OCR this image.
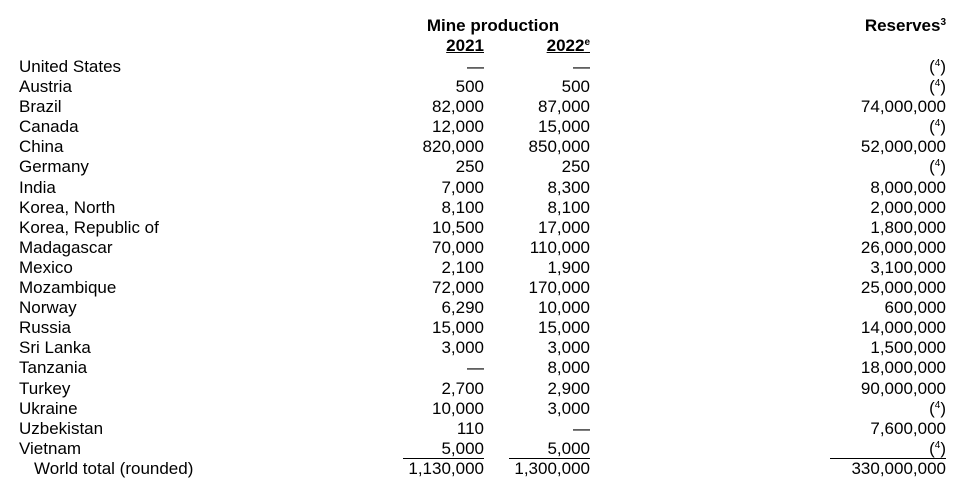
Mine production
2021	2022e
Reserves$^3$
United States	—	—	($^4$)
Austria	500	500	($^4$)
Brazil	82,000	87,000	74,000,000
Canada	12,000	15,000	($^4$)
China	820,000	850,000	52,000,000
Germany	250	250	($^4$)
India	7,000	8,300	8,000,000
Korea, North	8,100	8,100	2,000,000
Korea, Republic of	10,500	17,000	1,800,000
Madagascar	70,000	110,000	26,000,000
Mexico	2,100	1,900	3,100,000
Mozambique	72,000	170,000	25,000,000
Norway	6,290	10,000	600,000
Russia	15,000	15,000	14,000,000
Sri Lanka	3,000	3,000	1,500,000
Tanzania	—	8,000	18,000,000
Turkey	2,700	2,900	90,000,000
Ukraine	10,000	3,000	($^4$)
Uzbekistan	110	—	7,600,000
Vietnam	5,000	5,000	($^4$)
World total (rounded)	1,130,000	1,300,000	330,000,000
